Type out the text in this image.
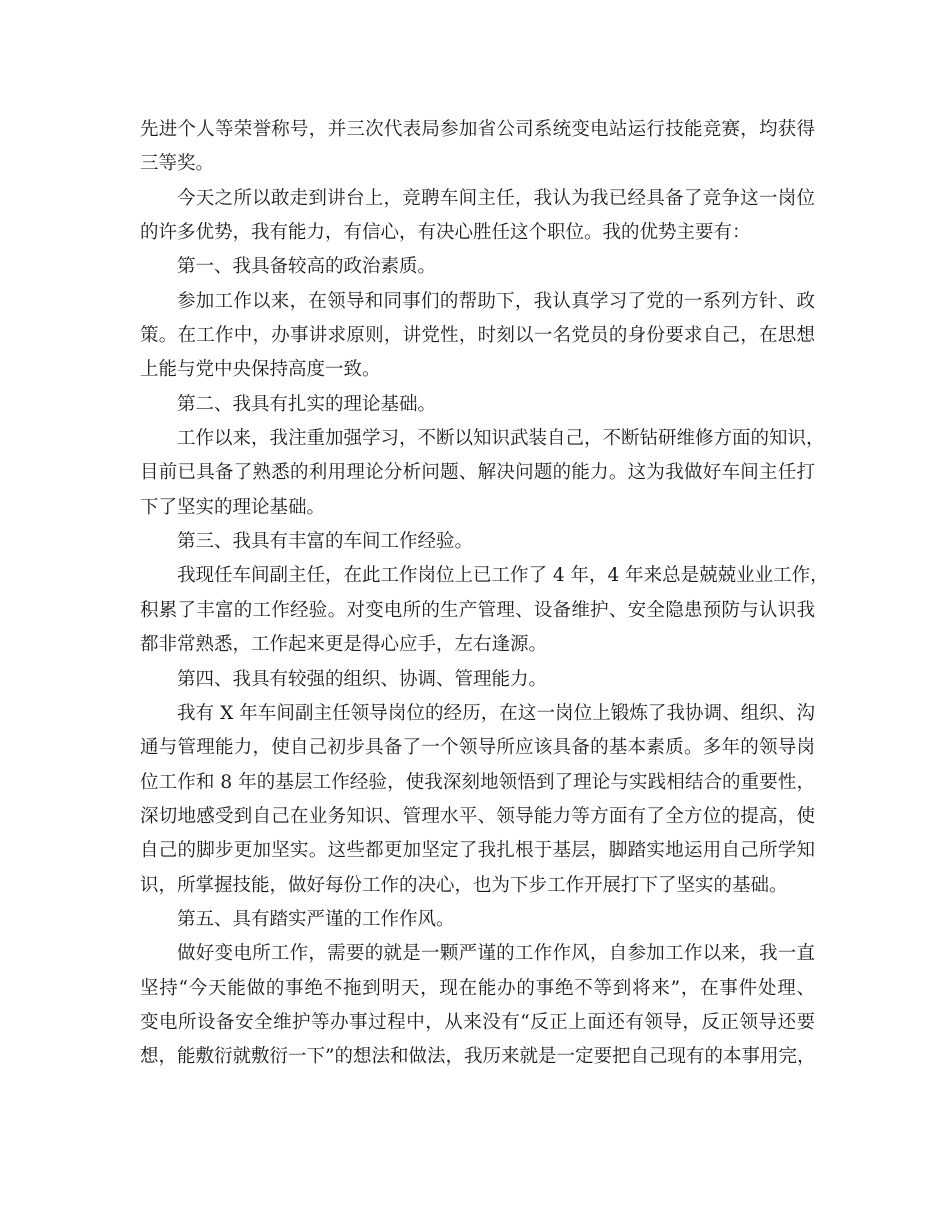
先进个人等荣誉称号，并三次代表局参加省公司系统变电站运行技能竞赛，均获得
三等奖。
今天之所以敢走到讲台上，竞聘车间主任，我认为我已经具备了竞争这一岗位
的许多优势，我有能力，有信心，有决心胜任这个职位。我的优势主要有：
第一、我具备较高的政治素质。
参加工作以来，在领导和同事们的帮助下，我认真学习了党的一系列方针、政
策。在工作中，办事讲求原则，讲党性，时刻以一名党员的身份要求自己，在思想
上能与党中央保持高度一致。
第二、我具有扎实的理论基础。
工作以来，我注重加强学习，不断以知识武装自己，不断钻研维修方面的知识，
目前已具备了熟悉的利用理论分析问题、解决问题的能力。这为我做好车间主任打
下了坚实的理论基础。
第三、我具有丰富的车间工作经验。
我现任车间副主任，在此工作岗位上已工作了 4 年，4 年来总是兢兢业业工作，
积累了丰富的工作经验。对变电所的生产管理、设备维护、安全隐患预防与认识我
都非常熟悉，工作起来更是得心应手，左右逢源。
第四、我具有较强的组织、协调、管理能力。
我有 X 年车间副主任领导岗位的经历，在这一岗位上锻炼了我协调、组织、沟
通与管理能力，使自己初步具备了一个领导所应该具备的基本素质。多年的领导岗
位工作和 8 年的基层工作经验，使我深刻地领悟到了理论与实践相结合的重要性，
深切地感受到自己在业务知识、管理水平、领导能力等方面有了全方位的提高，使
自己的脚步更加坚实。这些都更加坚定了我扎根于基层，脚踏实地运用自己所学知
识，所掌握技能，做好每份工作的决心，也为下步工作开展打下了坚实的基础。
第五、具有踏实严谨的工作作风。
做好变电所工作，需要的就是一颗严谨的工作作风，自参加工作以来，我一直
坚持“今天能做的事绝不拖到明天，现在能办的事绝不等到将来”，在事件处理、
变电所设备安全维护等办事过程中，从来没有“反正上面还有领导，反正领导还要
想，能敷衍就敷衍一下”的想法和做法，我历来就是一定要把自己现有的本事用完，
